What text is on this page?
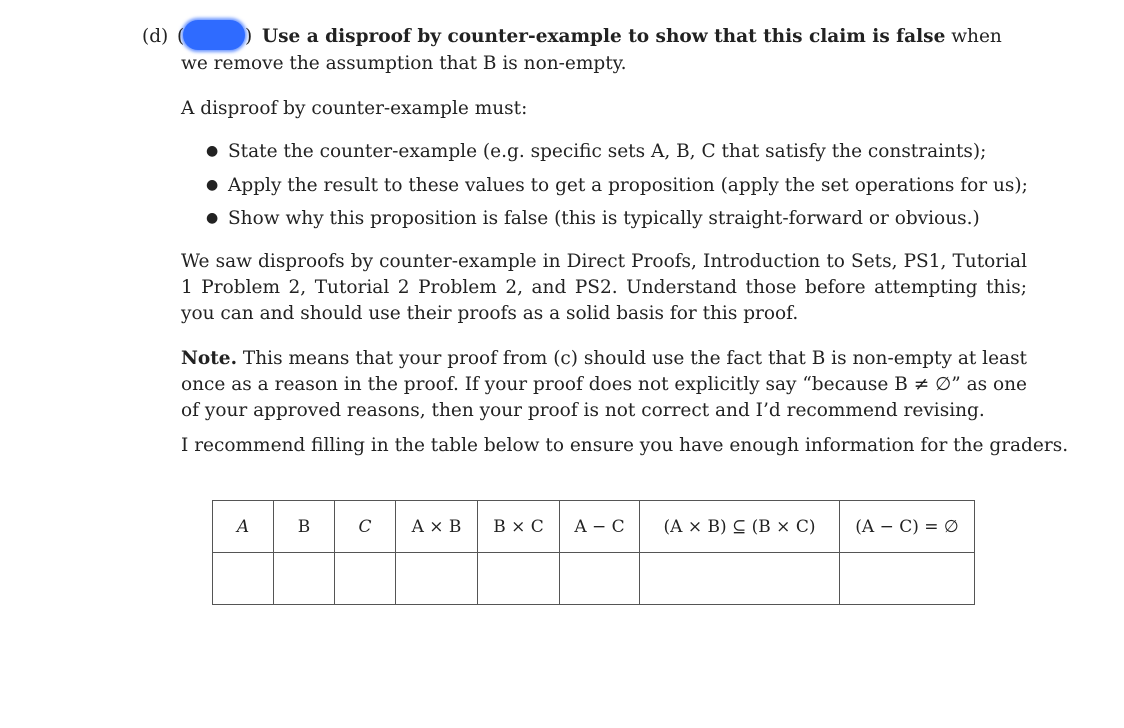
(d) (	) Use a disproof by counter-example to show that this claim is false when
we remove the assumption that B is non-empty.
A disproof by counter-example must:
● State the counter-example (e.g. specific sets A, B, C that satisfy the constraints);
● Apply the result to these values to get a proposition (apply the set operations for us);
● Show why this proposition is false (this is typically straight-forward or obvious.)
We saw disproofs by counter-example in Direct Proofs, Introduction to Sets, PS1, Tutorial 1 Problem 2, Tutorial 2 Problem 2, and PS2. Understand those before attempting this; you can and should use their proofs as a solid basis for this proof.
Note. This means that your proof from (c) should use the fact that B is non-empty at least once as a reason in the proof. If your proof does not explicitly say “because B ≠ ∅” as one of your approved reasons, then your proof is not correct and I’d recommend revising.
I recommend filling in the table below to ensure you have enough information for the graders.
A	B	C	A × B	B × C	A − C	(A × B) ⊆ (B × C)	(A − C) = ∅
